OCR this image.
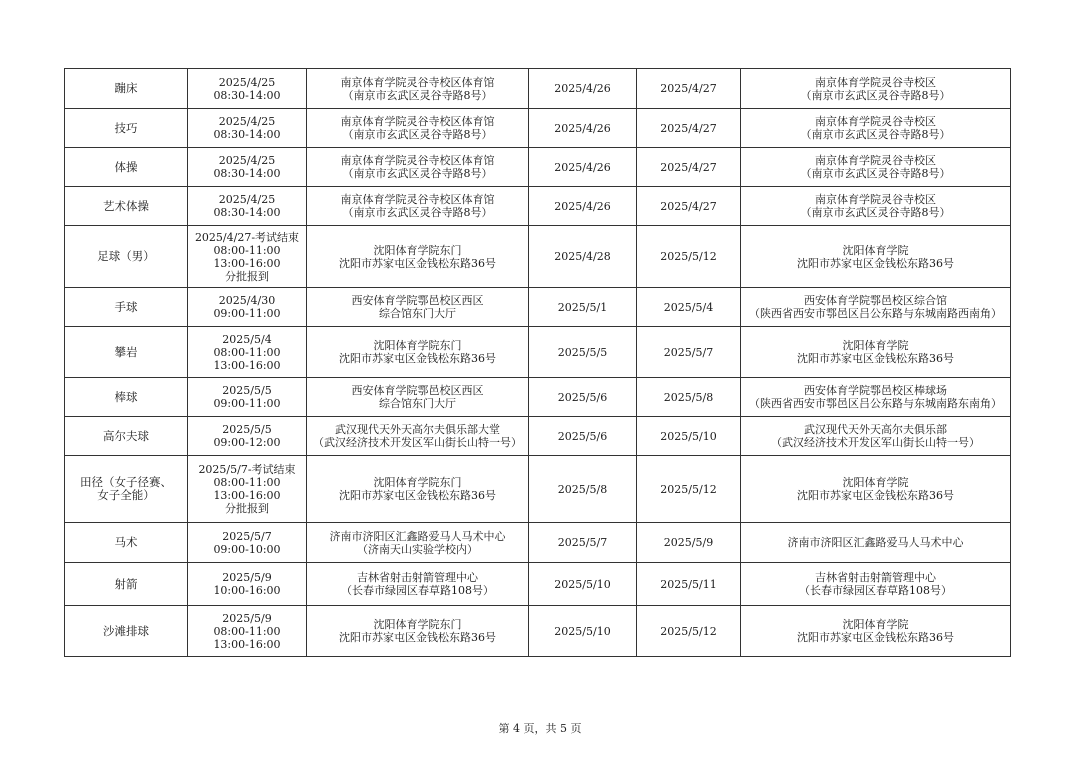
蹦床	2025/4/25
08:30-14:00	南京体育学院灵谷寺校区体育馆
（南京市玄武区灵谷寺路8号）	2025/4/26	2025/4/27	南京体育学院灵谷寺校区
（南京市玄武区灵谷寺路8号）

技巧	2025/4/25
08:30-14:00	南京体育学院灵谷寺校区体育馆
（南京市玄武区灵谷寺路8号）	2025/4/26	2025/4/27	南京体育学院灵谷寺校区
（南京市玄武区灵谷寺路8号）

体操	2025/4/25
08:30-14:00	南京体育学院灵谷寺校区体育馆
（南京市玄武区灵谷寺路8号）	2025/4/26	2025/4/27	南京体育学院灵谷寺校区
（南京市玄武区灵谷寺路8号）

艺术体操	2025/4/25
08:30-14:00	南京体育学院灵谷寺校区体育馆
（南京市玄武区灵谷寺路8号）	2025/4/26	2025/4/27	南京体育学院灵谷寺校区
（南京市玄武区灵谷寺路8号）

足球（男）	2025/4/27-考试结束
08:00-11:00
13:00-16:00
分批报到	沈阳体育学院东门
沈阳市苏家屯区金钱松东路36号	2025/4/28	2025/5/12	沈阳体育学院
沈阳市苏家屯区金钱松东路36号

手球	2025/4/30
09:00-11:00	西安体育学院鄠邑校区西区
综合馆东门大厅	2025/5/1	2025/5/4	西安体育学院鄠邑校区综合馆
（陕西省西安市鄠邑区吕公东路与东城南路西南角）

攀岩	2025/5/4
08:00-11:00
13:00-16:00	沈阳体育学院东门
沈阳市苏家屯区金钱松东路36号	2025/5/5	2025/5/7	沈阳体育学院
沈阳市苏家屯区金钱松东路36号

棒球	2025/5/5
09:00-11:00	西安体育学院鄠邑校区西区
综合馆东门大厅	2025/5/6	2025/5/8	西安体育学院鄠邑校区棒球场
（陕西省西安市鄠邑区吕公东路与东城南路东南角）

高尔夫球	2025/5/5
09:00-12:00	武汉现代天外天高尔夫俱乐部大堂
（武汉经济技术开发区军山街长山特一号）	2025/5/6	2025/5/10	武汉现代天外天高尔夫俱乐部
（武汉经济技术开发区军山街长山特一号）

田径（女子径赛、
女子全能）	2025/5/7-考试结束
08:00-11:00
13:00-16:00
分批报到	沈阳体育学院东门
沈阳市苏家屯区金钱松东路36号	2025/5/8	2025/5/12	沈阳体育学院
沈阳市苏家屯区金钱松东路36号

马术	2025/5/7
09:00-10:00	济南市济阳区汇鑫路爱马人马术中心
（济南天山实验学校内）	2025/5/7	2025/5/9	济南市济阳区汇鑫路爱马人马术中心

射箭	2025/5/9
10:00-16:00	吉林省射击射箭管理中心
（长春市绿园区春草路108号）	2025/5/10	2025/5/11	吉林省射击射箭管理中心
（长春市绿园区春草路108号）

沙滩排球	2025/5/9
08:00-11:00
13:00-16:00	沈阳体育学院东门
沈阳市苏家屯区金钱松东路36号	2025/5/10	2025/5/12	沈阳体育学院
沈阳市苏家屯区金钱松东路36号
第 4 页，共 5 页
